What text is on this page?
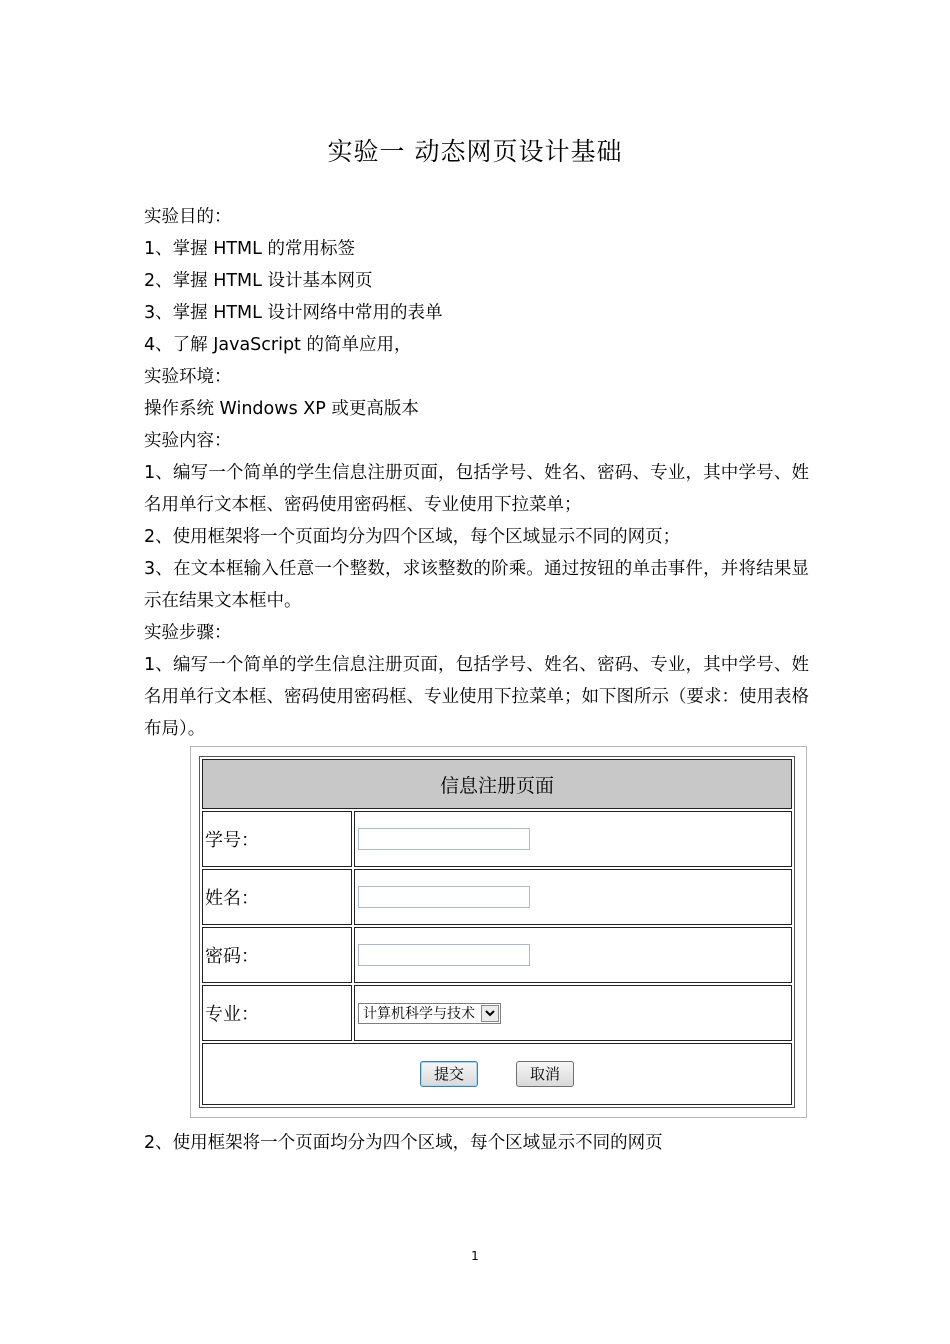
实验一 动态网页设计基础

实验目的：

1、掌握 HTML 的常用标签

2、掌握 HTML 设计基本网页

3、掌握 HTML 设计网络中常用的表单

4、了解 JavaScript 的简单应用，

实验环境：

操作系统 Windows XP 或更高版本

实验内容：

1、编写一个简单的学生信息注册页面，包括学号、姓名、密码、专业，其中学号、姓名用单行文本框、密码使用密码框、专业使用下拉菜单；

2、使用框架将一个页面均分为四个区域，每个区域显示不同的网页；

3、在文本框输入任意一个整数，求该整数的阶乘。通过按钮的单击事件，并将结果显示在结果文本框中。

实验步骤：

1、编写一个简单的学生信息注册页面，包括学号、姓名、密码、专业，其中学号、姓名用单行文本框、密码使用密码框、专业使用下拉菜单；如下图所示（要求：使用表格布局）。

信息注册页面	
学号：	
姓名：	
密码：	
专业：	计算机科学与技术

提交 取消	

2、使用框架将一个页面均分为四个区域，每个区域显示不同的网页

1
